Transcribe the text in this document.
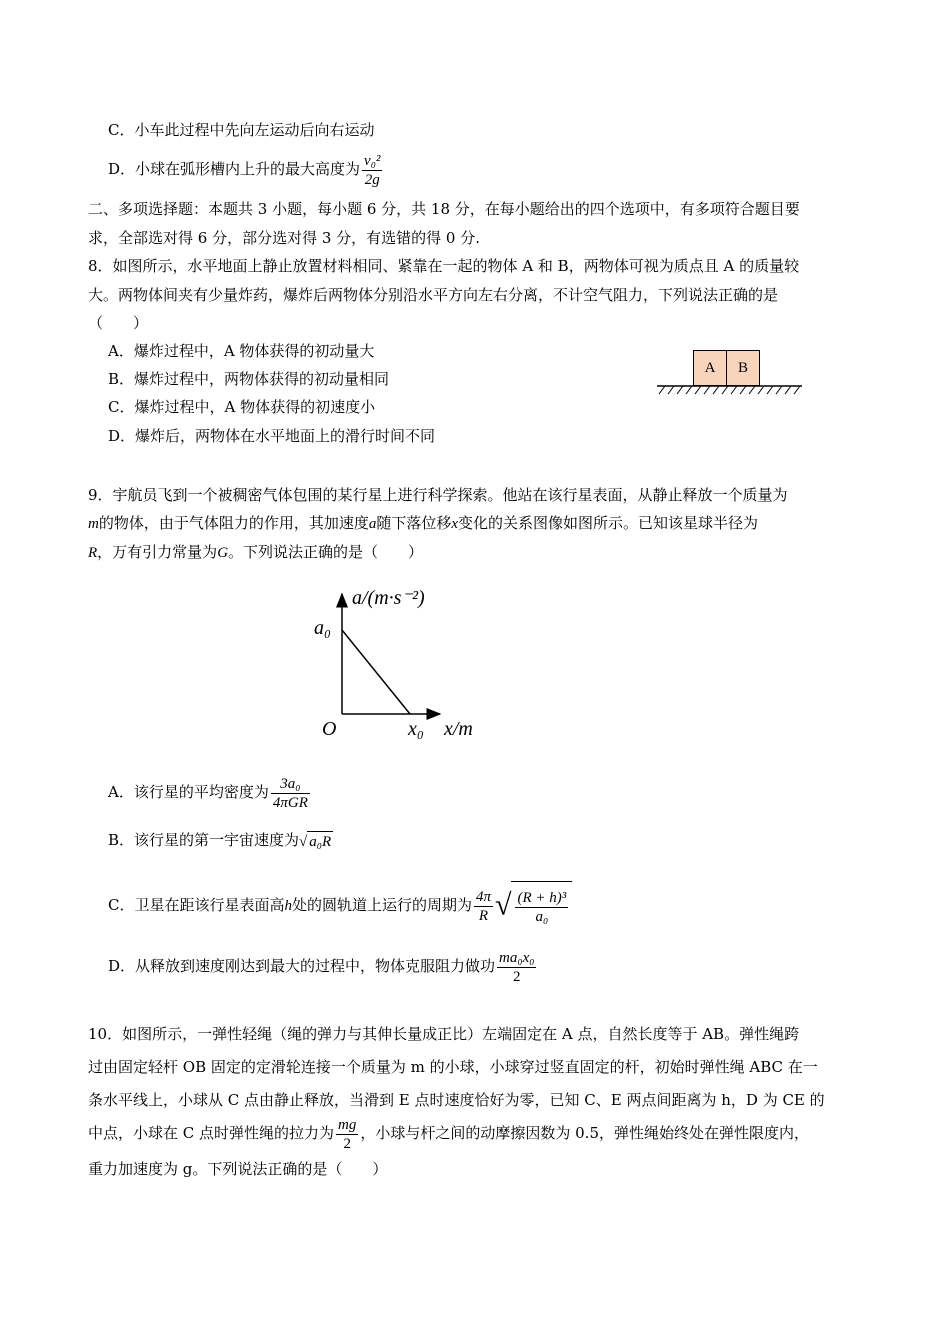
C．小车此过程中先向左运动后向右运动
D．小球在弧形槽内上升的最大高度为 $\frac{\text{v₀²}}{2g}$
二、多项选择题：本题共 3 小题，每小题 6 分，共 18 分，在每小题给出的四个选项中，有多项符合题目要
求，全部选对得 6 分，部分选对得 3 分，有选错的得 0 分.
8．如图所示，水平地面上静止放置材料相同、紧靠在一起的物体 A 和 B，两物体可视为质点且 A 的质量较
大。两物体间夹有少量炸药，爆炸后两物体分别沿水平方向左右分离，不计空气阻力，下列说法正确的是
（　　）
A．爆炸过程中，A 物体获得的初动量大
B．爆炸过程中，两物体获得的初动量相同
C．爆炸过程中，A 物体获得的初速度小
D．爆炸后，两物体在水平地面上的滑行时间不同
A	B
9．宇航员飞到一个被稠密气体包围的某行星上进行科学探索。他站在该行星表面，从静止释放一个质量为
m的物体，由于气体阻力的作用，其加速度a随下落位移x变化的关系图像如图所示。已知该星球半径为
R，万有引力常量为G。下列说法正确的是（　　）
a/(m·s⁻²)
x/m
O
a₀
x₀
A．该行星的平均密度为 $\frac{\text{3a₀}}{\text{4πGR}}$
B．该行星的第一宇宙速度为√ a₀R
C．卫星在距该行星表面高h处的圆轨道上运行的周期为 $\frac{4\pi}{R}$ √ $\frac{\text{(R + h)³}}{\text{a₀}}$
D．从释放到速度刚达到最大的过程中，物体克服阻力做功 $\frac{\text{ma₀x₀}}{2}$
10．如图所示，一弹性轻绳（绳的弹力与其伸长量成正比）左端固定在 A 点，自然长度等于 AB。弹性绳跨
过由固定轻杆 OB 固定的定滑轮连接一个质量为 m 的小球，小球穿过竖直固定的杆，初始时弹性绳 ABC 在一
条水平线上，小球从 C 点由静止释放，当滑到 E 点时速度恰好为零，已知 C、E 两点间距离为 h，D 为 CE 的
中点，小球在 C 点时弹性绳的拉力为 $\frac{mg}{2}$ ，小球与杆之间的动摩擦因数为 0.5，弹性绳始终处在弹性限度内，
重力加速度为 g。下列说法正确的是（　　）
